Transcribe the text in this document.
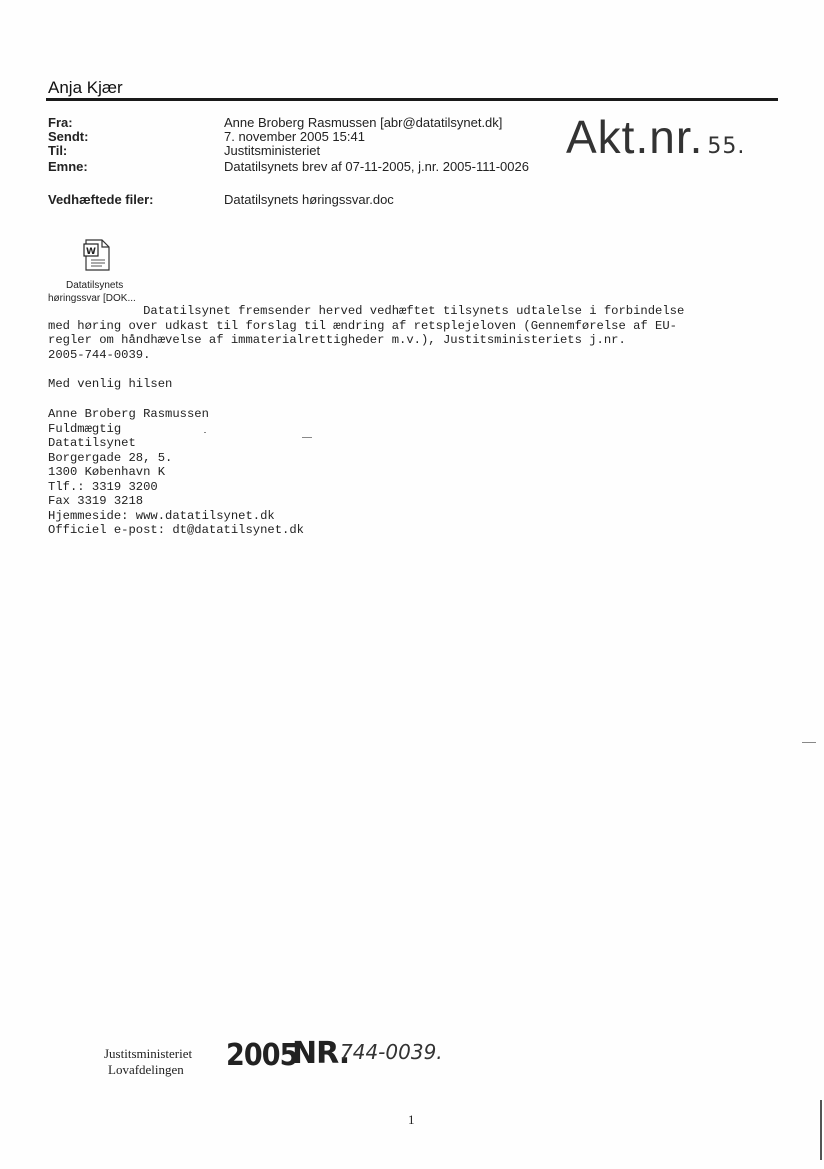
Anja Kjær
Fra:
Sendt:
Til:
Emne:
Anne Broberg Rasmussen [abr@datatilsynet.dk]
7. november 2005 15:41
Justitsministeriet
Datatilsynets brev af 07-11-2005, j.nr. 2005-111-0026
Akt.nr. 55.
Vedhæftede filer:	Datatilsynets høringssvar.doc
W
Datatilsynets
høringssvar [DOK...
Datatilsynet fremsender herved vedhæftet tilsynets udtalelse i forbindelse
med høring over udkast til forslag til ændring af retsplejeloven (Gennemførelse af EU-
regler om håndhævelse af immaterialrettigheder m.v.), Justitsministeriets j.nr.
2005-744-0039.
Med venlig hilsen
Anne Broberg Rasmussen
Fuldmægtig
Datatilsynet
Borgergade 28, 5.
1300 København K
Tlf.: 3319 3200
Fax 3319 3218
Hjemmeside: www.datatilsynet.dk
Officiel e-post: dt@datatilsynet.dk
Justitsministeriet
Lovafdelingen 2005
NR.
744-0039.
1
